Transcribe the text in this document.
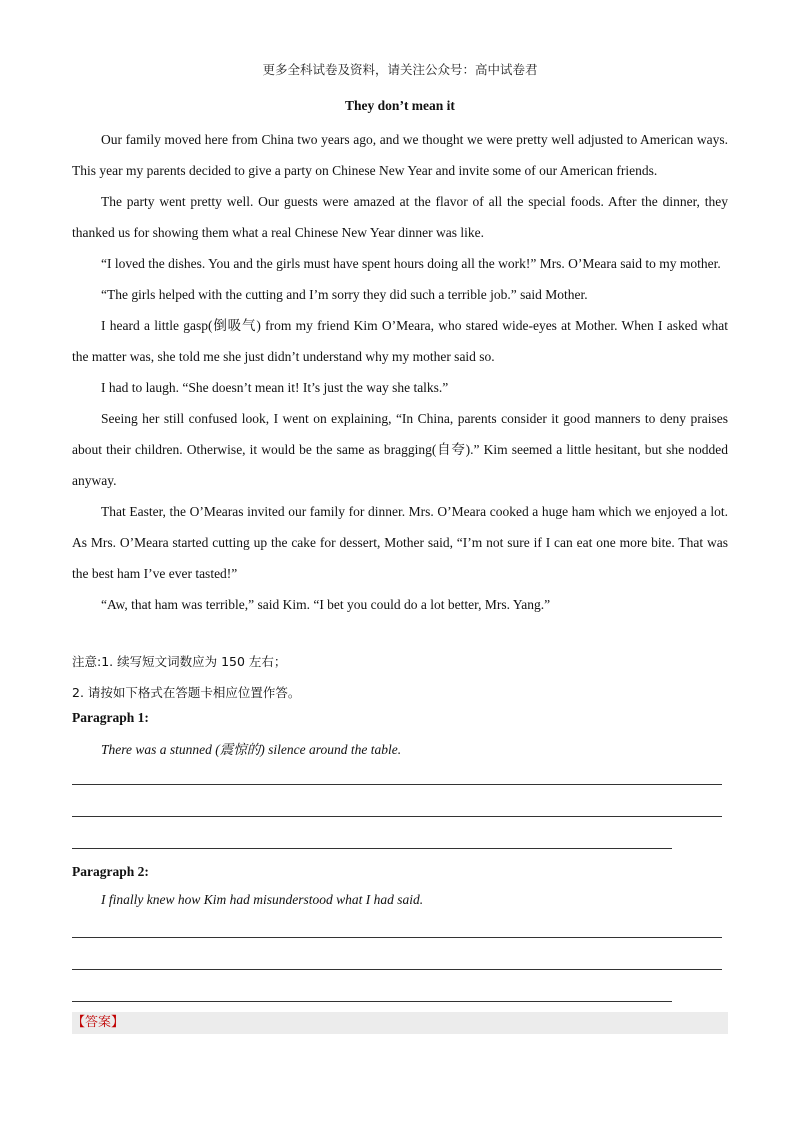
更多全科试卷及资料，请关注公众号：高中试卷君
They don’t mean it

Our family moved here from China two years ago, and we thought we were pretty well adjusted to American ways. This year my parents decided to give a party on Chinese New Year and invite some of our American friends.

The party went pretty well. Our guests were amazed at the flavor of all the special foods. After the dinner, they thanked us for showing them what a real Chinese New Year dinner was like.

“I loved the dishes. You and the girls must have spent hours doing all the work!” Mrs. O’Meara said to my mother.

“The girls helped with the cutting and I’m sorry they did such a terrible job.” said Mother.

I heard a little gasp(倒吸气) from my friend Kim O’Meara, who stared wide-eyes at Mother. When I asked what the matter was, she told me she just didn’t understand why my mother said so.

I had to laugh. “She doesn’t mean it! It’s just the way she talks.”

Seeing her still confused look, I went on explaining, “In China, parents consider it good manners to deny praises about their children. Otherwise, it would be the same as bragging(自夸).” Kim seemed a little hesitant, but she nodded anyway.

That Easter, the O’Mearas invited our family for dinner. Mrs. O’Meara cooked a huge ham which we enjoyed a lot. As Mrs. O’Meara started cutting up the cake for dessert, Mother said, “I’m not sure if I can eat one more bite. That was the best ham I’ve ever tasted!”

“Aw, that ham was terrible,” said Kim. “I bet you could do a lot better, Mrs. Yang.”

注意:1. 续写短文词数应为 150 左右；
2. 请按如下格式在答题卡相应位置作答。
Paragraph 1:
There was a stunned (震惊的) silence around the table.
Paragraph 2:
I finally knew how Kim had misunderstood what I had said.
【答案】
